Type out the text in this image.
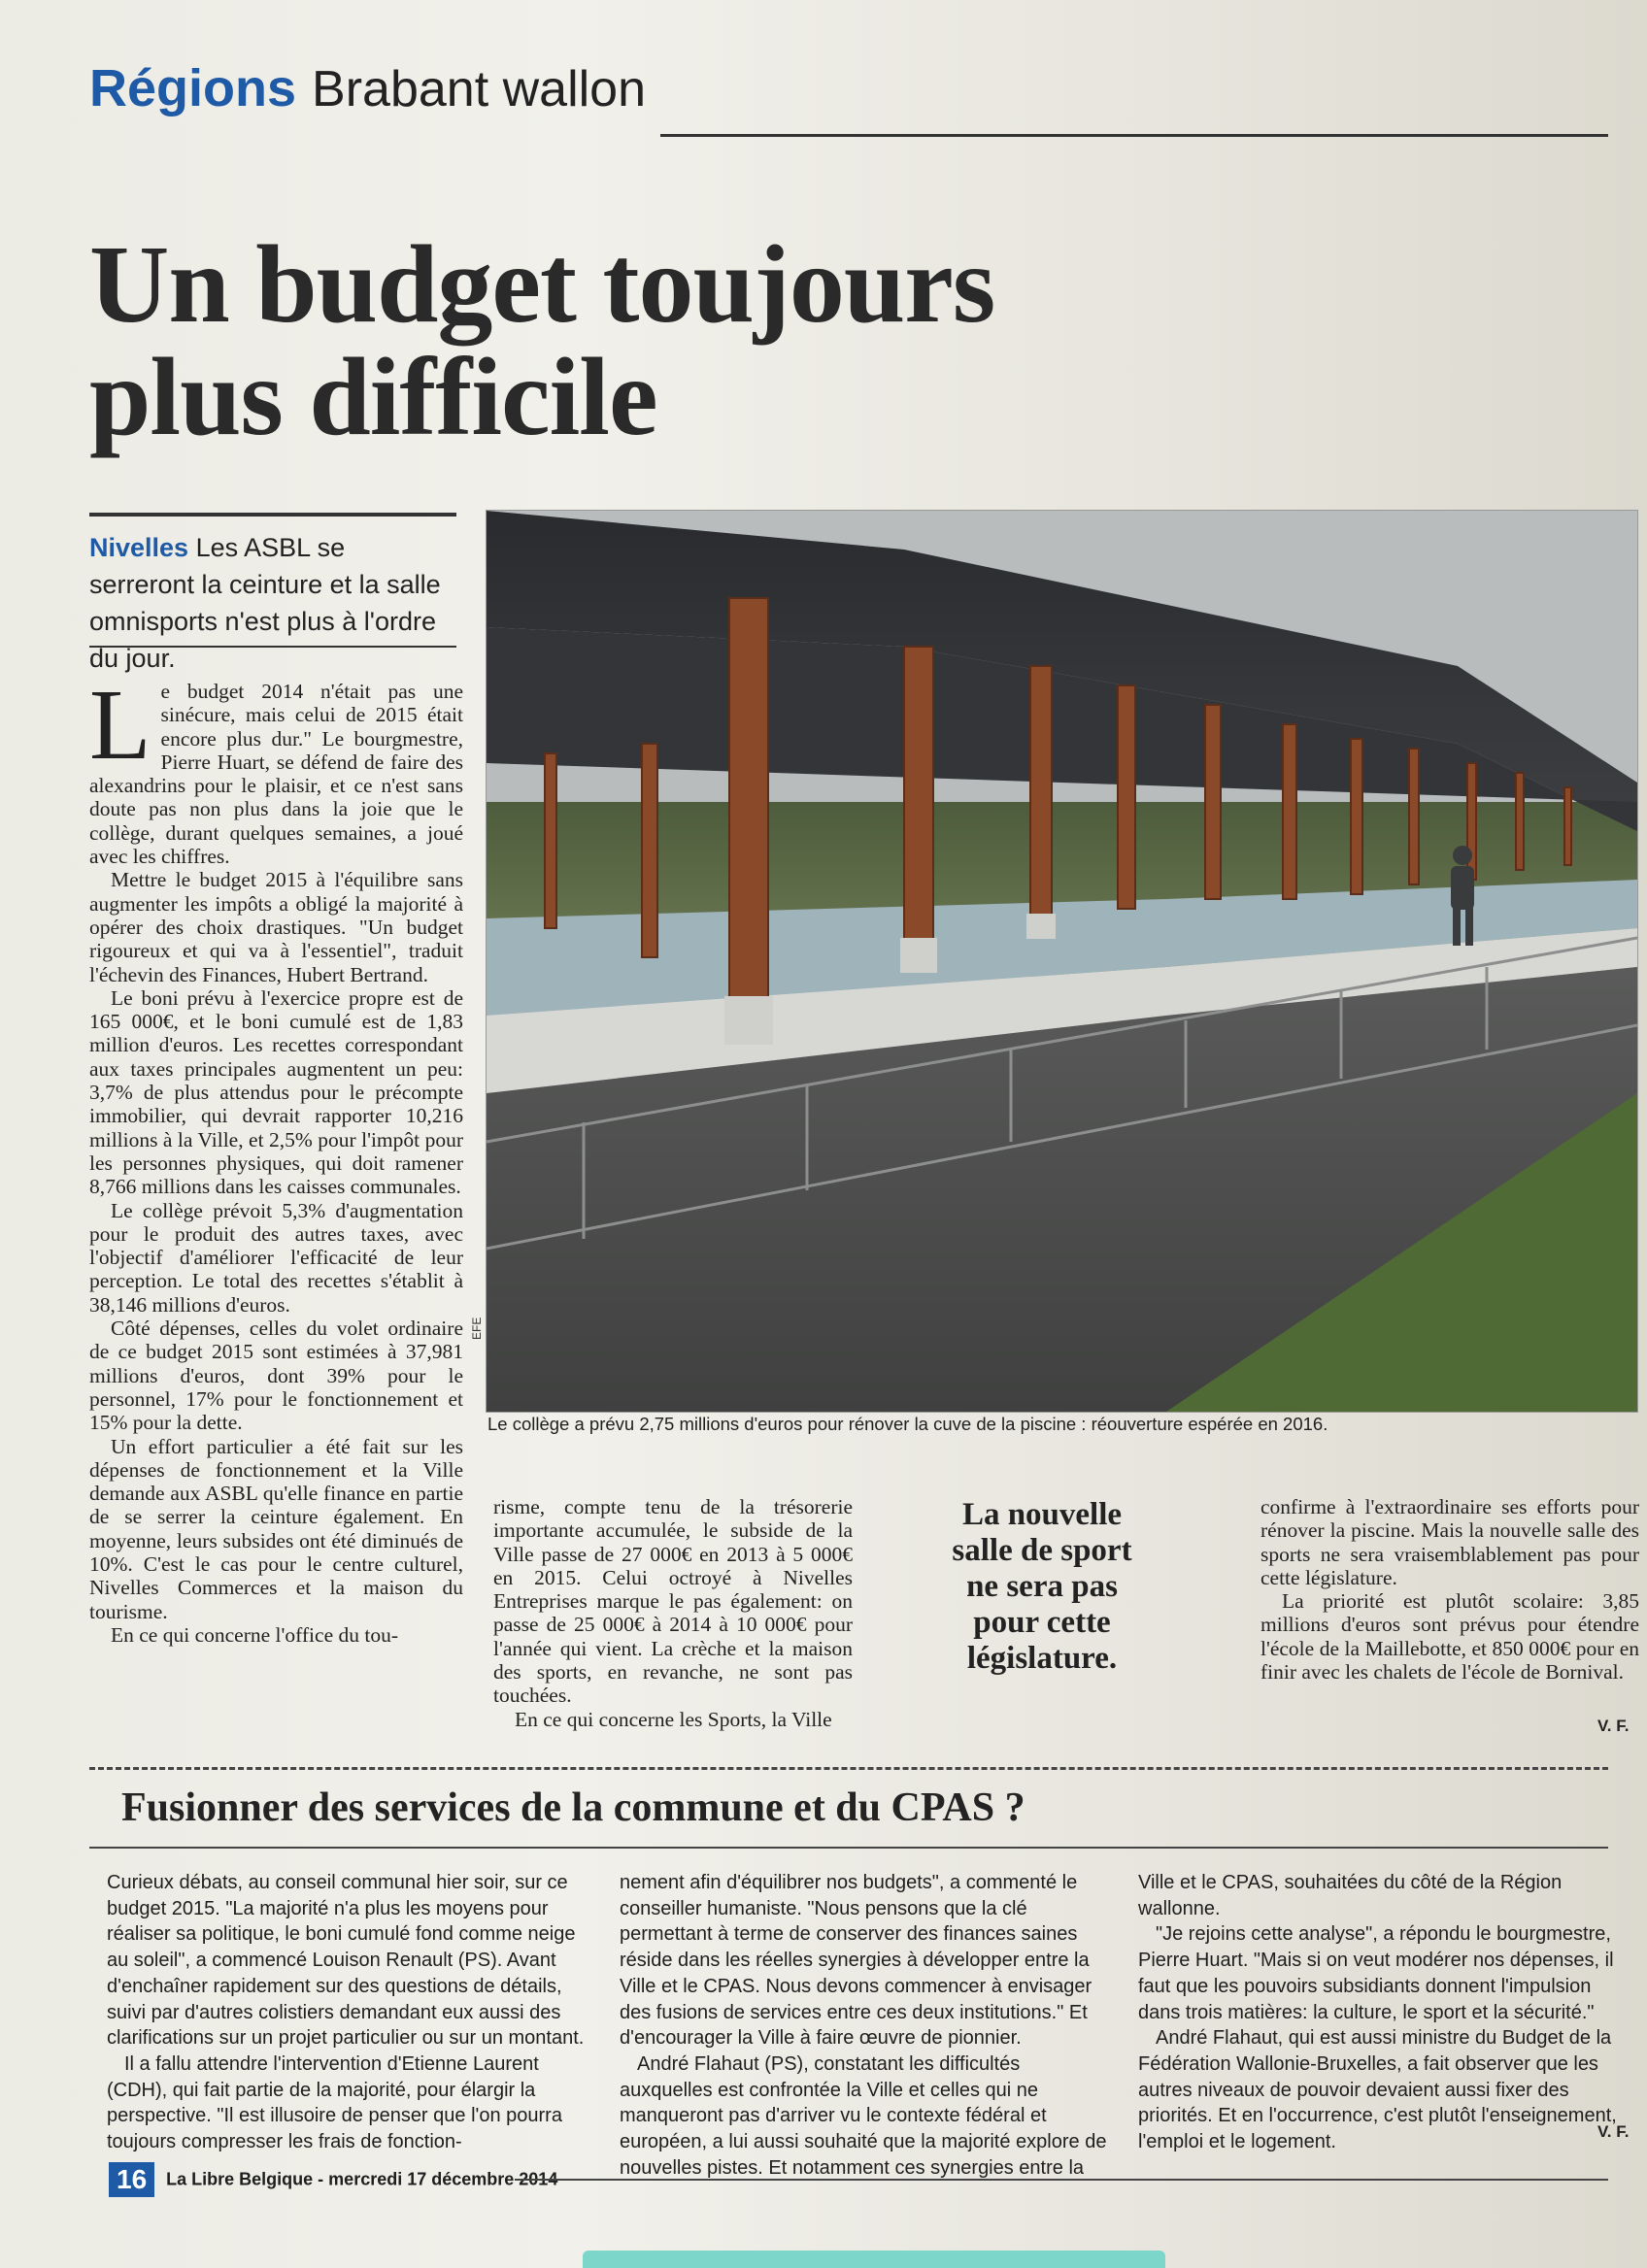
Régions Brabant wallon
Un budget toujours plus difficile

Nivelles Les ASBL se serreront la ceinture et la salle omnisports n'est plus à l'ordre du jour.

Le budget 2014 n'était pas une sinécure, mais celui de 2015 était encore plus dur." Le bourgmestre, Pierre Huart, se défend de faire des alexandrins pour le plaisir, et ce n'est sans doute pas non plus dans la joie que le collège, durant quelques semaines, a joué avec les chiffres.

Mettre le budget 2015 à l'équilibre sans augmenter les impôts a obligé la majorité à opérer des choix drastiques. "Un budget rigoureux et qui va à l'essentiel", traduit l'échevin des Finances, Hubert Bertrand.

Le boni prévu à l'exercice propre est de 165 000€, et le boni cumulé est de 1,83 million d'euros. Les recettes correspondant aux taxes principales augmentent un peu: 3,7% de plus attendus pour le précompte immobilier, qui devrait rapporter 10,216 millions à la Ville, et 2,5% pour l'impôt pour les personnes physiques, qui doit ramener 8,766 millions dans les caisses communales.

Le collège prévoit 5,3% d'augmentation pour le produit des autres taxes, avec l'objectif d'améliorer l'efficacité de leur perception. Le total des recettes s'établit à 38,146 millions d'euros.

Côté dépenses, celles du volet ordinaire de ce budget 2015 sont estimées à 37,981 millions d'euros, dont 39% pour le personnel, 17% pour le fonctionnement et 15% pour la dette.

Un effort particulier a été fait sur les dépenses de fonctionnement et la Ville demande aux ASBL qu'elle finance en partie de se serrer la ceinture également. En moyenne, leurs subsides ont été diminués de 10%. C'est le cas pour le centre culturel, Nivelles Commerces et la maison du tourisme.

En ce qui concerne l'office du tou-

EFE

Le collège a prévu 2,75 millions d'euros pour rénover la cuve de la piscine : réouverture espérée en 2016.

risme, compte tenu de la trésorerie importante accumulée, le subside de la Ville passe de 27 000€ en 2013 à 5 000€ en 2015. Celui octroyé à Nivelles Entreprises marque le pas également: on passe de 25 000€ à 2014 à 10 000€ pour l'année qui vient. La crèche et la maison des sports, en revanche, ne sont pas touchées.

En ce qui concerne les Sports, la Ville

La nouvelle salle de sport ne sera pas pour cette législature.

confirme à l'extraordinaire ses efforts pour rénover la piscine. Mais la nouvelle salle des sports ne sera vraisemblablement pas pour cette législature.

La priorité est plutôt scolaire: 3,85 millions d'euros sont prévus pour étendre l'école de la Maillebotte, et 850 000€ pour en finir avec les chalets de l'école de Bornival.

V. F.

Fusionner des services de la commune et du CPAS ?

Curieux débats, au conseil communal hier soir, sur ce budget 2015. "La majorité n'a plus les moyens pour réaliser sa politique, le boni cumulé fond comme neige au soleil", a commencé Louison Renault (PS). Avant d'enchaîner rapidement sur des questions de détails, suivi par d'autres colistiers demandant eux aussi des clarifications sur un projet particulier ou sur un montant.

Il a fallu attendre l'intervention d'Etienne Laurent (CDH), qui fait partie de la majorité, pour élargir la perspective. "Il est illusoire de penser que l'on pourra toujours compresser les frais de fonction-

nement afin d'équilibrer nos budgets", a commenté le conseiller humaniste. "Nous pensons que la clé permettant à terme de conserver des finances saines réside dans les réelles synergies à développer entre la Ville et le CPAS. Nous devons commencer à envisager des fusions de services entre ces deux institutions." Et d'encourager la Ville à faire œuvre de pionnier.

André Flahaut (PS), constatant les difficultés auxquelles est confrontée la Ville et celles qui ne manqueront pas d'arriver vu le contexte fédéral et européen, a lui aussi souhaité que la majorité explore de nouvelles pistes. Et notamment ces synergies entre la

Ville et le CPAS, souhaitées du côté de la Région wallonne.

"Je rejoins cette analyse", a répondu le bourgmestre, Pierre Huart. "Mais si on veut modérer nos dépenses, il faut que les pouvoirs subsidiants donnent l'impulsion dans trois matières: la culture, le sport et la sécurité."

André Flahaut, qui est aussi ministre du Budget de la Fédération Wallonie-Bruxelles, a fait observer que les autres niveaux de pouvoir devaient aussi fixer des priorités. Et en l'occurrence, c'est plutôt l'enseignement, l'emploi et le logement.	V. F.

16 La Libre Belgique - mercredi 17 décembre 2014
